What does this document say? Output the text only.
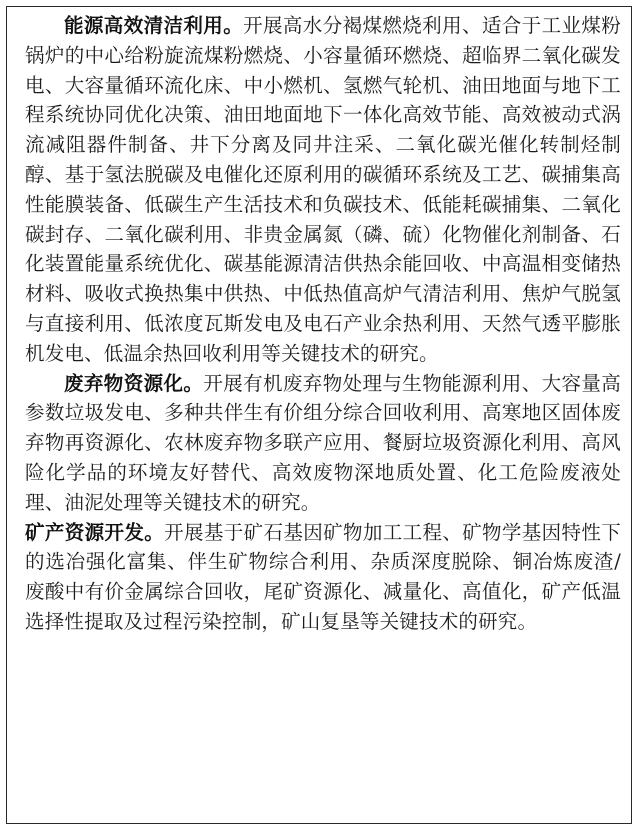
能源高效清洁利用。开展高水分褐煤燃烧利用、适合于工业煤粉锅炉的中心给粉旋流煤粉燃烧、小容量循环燃烧、超临界二氧化碳发电、大容量循环流化床、中小燃机、氢燃气轮机、油田地面与地下工程系统协同优化决策、油田地面地下一体化高效节能、高效被动式涡流减阻器件制备、井下分离及同井注采、二氧化碳光催化转制烃制醇、基于氢法脱碳及电催化还原利用的碳循环系统及工艺、碳捕集高性能膜装备、低碳生产生活技术和负碳技术、低能耗碳捕集、二氧化碳封存、二氧化碳利用、非贵金属氮（磷、硫）化物催化剂制备、石化装置能量系统优化、碳基能源清洁供热余能回收、中高温相变储热材料、吸收式换热集中供热、中低热值高炉气清洁利用、焦炉气脱氢与直接利用、低浓度瓦斯发电及电石产业余热利用、天然气透平膨胀机发电、低温余热回收利用等关键技术的研究。

废弃物资源化。开展有机废弃物处理与生物能源利用、大容量高参数垃圾发电、多种共伴生有价组分综合回收利用、高寒地区固体废弃物再资源化、农林废弃物多联产应用、餐厨垃圾资源化利用、高风险化学品的环境友好替代、高效废物深地质处置、化工危险废液处理、油泥处理等关键技术的研究。

矿产资源开发。开展基于矿石基因矿物加工工程、矿物学基因特性下的选冶强化富集、伴生矿物综合利用、杂质深度脱除、铜冶炼废渣/废酸中有价金属综合回收，尾矿资源化、减量化、高值化，矿产低温选择性提取及过程污染控制，矿山复垦等关键技术的研究。
